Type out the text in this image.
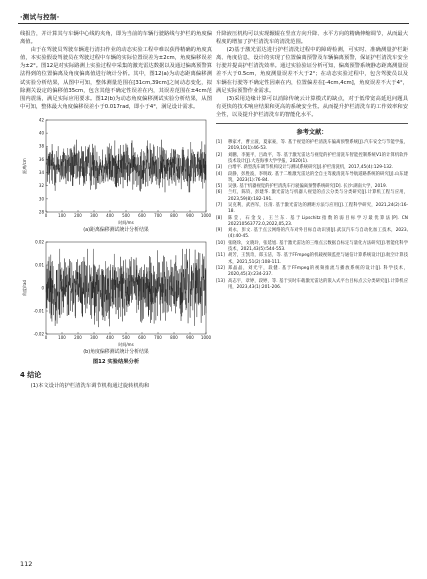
·测试与控制·

线报告，并计算其与车辆中心线的夹角，即为当前的车辆行驶路线与护栏的角度偏离值。

由于在驾驶员驾驶车辆进行清扫作业的动态实验工程中难以获得精确的角度真值，本实验假设驾驶员在驾驶过程中车辆的实际位置误差为±2cm，角度偏移误差为±2°。图12是对实际路测上实验过程中采集的激光雷达数据以及通过偏离预警算法得到的位置偏离及角度偏离值进行统计分析。其中，图12(a)为动态距离偏移测试实验分析结果，从图中可知，整体测量范围在[31cm,39cm]之间动态变化，拟除测关设定的偏移值35cm，包含其他不确定性误差在内，其误差范围在±4cm范围内震荡，满足实际应用要求。图12(b)为动态角度偏移测试实验分析结果，从图中可知，整体最大角度偏移误差小于0.017rad，即小于4°，满足设计需求。

0	100 200 300 400 500 600 700 800 900 1000
28
30
32
34
36
38
40
42
时间/ms
距离/cm
(a)距离偏移测试统计分析结果
0	100 200 300 400 500 600 700 800 900 1000
-0.02
-0.01
0
0.01
0.02
时间/ms
角度/rad
(b)角度偏移测试统计分析结果
图12 实验结果分析
4 结论

(1)本文设计的护栏清洗车调节机构通过旋转机构和

升降液压机构可以实现辗辊在竖直方向升降、水平方向的精确伸缩调节，从而最大程度的增加了护栏清洗车的清洗范围。

(2)基于激光雷达进行护栏清洗过程中的障碍检测，可实时、准确测量护栏距离、角度信息，设计的实现了位置偏离预警及车辆偏离预警，保证护栏清洗车安全行驶并提高护栏清洗效率。通过实验验证分析可知，偏离预警系统静态距离测量误差不大于0.5cm，角度测量误差不大于2°；在动态实验过程中，包含驾驶员以及车辆在行驶等不确定性因素在内，位置偏差在[-4cm,4cm]，角度误差不大于4°，满足实际预警作业需求。

(3)采用边缘计算可以消除传统云计算模式的缺点，对于低带宽高延迟问题具有更快的技术响应结果和更高的系统安全性。从而提升护栏清洗车的工作效率和安全性，以及提升护栏清洗车的智能化水平。

参考文献：
[1]	穆家才，曹立波，夏家豪，等. 基于视觉的护栏清洗车偏离预警系统[J].汽车安全与节能学报，2019,10(1):46-53.
[2]	刘鹏，李施平，吕政平，等. 基于激光雷达与视觉的护栏清洗车智能控制系统V1的计算机软件技术设计[J].大连海事大学学报，2020(1).
[3]	白增平. 新型洗车调节机构设计与测试系统研究[J].护栏清洗机，2017,45(4):129-132.
[4]	段静，彭胜波，李明政. 基于二维激光雷达的全自主驾驶清洗车导航道路系统的研究[J].山东建筑，2023(1):76-84.
[5]	吴强. 基于机器视觉的护栏清洗车行驶偏离预警系统研究[D]. 长沙:湖南大学，2019.
[6]	兰红，陈钧，彭建华. 激光雷达与机器人视觉的点云分类与分类研究[J].计算机工程与应用，2023,59(8):182-191.
[7]	吴克利，武西军，汪清. 基于激光雷达的测距方法与应用[J].工程科学研究，2021,24(2):16-18.
[8]	陈莹，石金戈，王兰东. 基于Lipschitz指数的弱目标学习最优算法[P]. CN 202210563772.0,2022,05,23.
[9]	刘永，彭文. 基于点云网络的汽车对外目标自动识别[J].武汉汽车与自动化加工技术，2023,(4):40-45.
[10] 张晓珍，文晓玲，张延旭. 基于激光雷达的三维点云数据自标定与量化方法研究[J].智能化科学技术，2021,43(5):544-553.
[11] 胡芳，王凯奇，郑玉洁，等. 基于FFmpeg的机载视频监控与通信计算系统设计[J].航空计算技术，2021,51(2):108-111.
[12] 郑晶晶，刘光宇，段健. 基于FFmpeg的视频推流与播放系统的设计[J]. 科学技术，2020,45(3):234-237.
[13] 高志宇，章婷，段婷，等. 基于实时车载激光雷达的嵌入式平台目标点云分类研究[J].计算机应用，2023,43(1):201-206.
112
